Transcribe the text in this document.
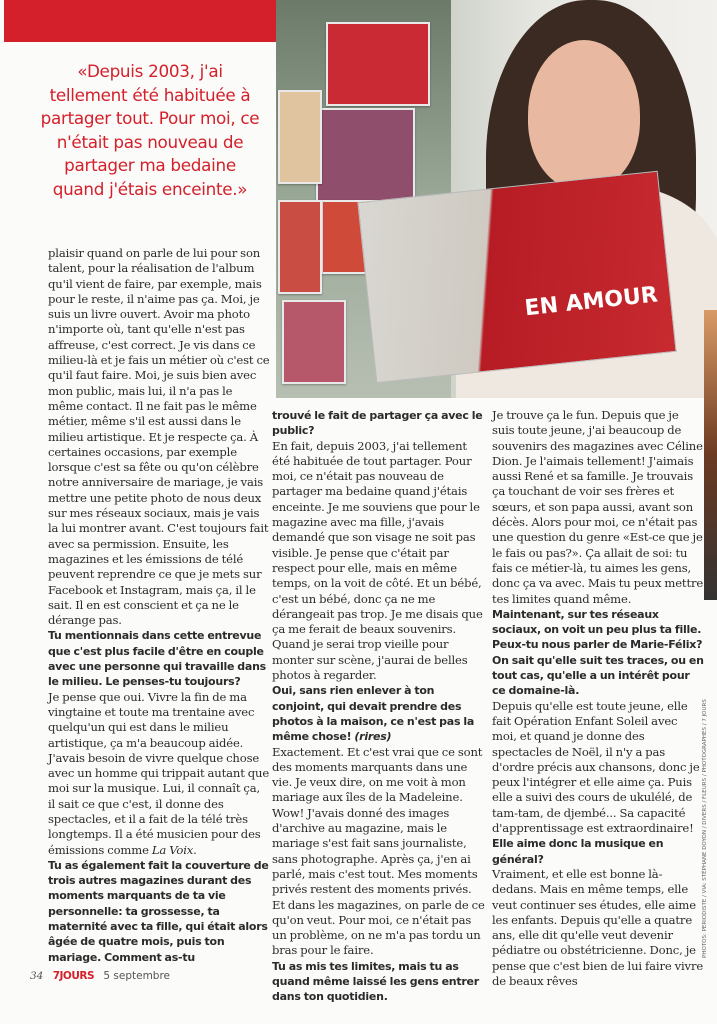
EN AMOUR
«Depuis 2003, j'ai tellement été habituée à partager tout. Pour moi, ce n'était pas nouveau de partager ma bedaine quand j'étais enceinte.»

plaisir quand on parle de lui pour son talent, pour la réalisation de l'album qu'il vient de faire, par exemple, mais pour le reste, il n'aime pas ça. Moi, je suis un livre ouvert. Avoir ma photo n'importe où, tant qu'elle n'est pas affreuse, c'est correct. Je vis dans ce milieu-là et je fais un métier où c'est ce qu'il faut faire. Moi, je suis bien avec mon public, mais lui, il n'a pas le même contact. Il ne fait pas le même métier, même s'il est aussi dans le milieu artistique. Et je respecte ça. À certaines occasions, par exemple lorsque c'est sa fête ou qu'on célèbre notre anniversaire de mariage, je vais mettre une petite photo de nous deux sur mes réseaux sociaux, mais je vais la lui montrer avant. C'est toujours fait avec sa permission. Ensuite, les magazines et les émissions de télé peuvent reprendre ce que je mets sur Facebook et Instagram, mais ça, il le sait. Il en est conscient et ça ne le dérange pas.

Tu mentionnais dans cette entrevue que c'est plus facile d'être en couple avec une personne qui travaille dans le milieu. Le penses-tu toujours?

Je pense que oui. Vivre la fin de ma vingtaine et toute ma trentaine avec quelqu'un qui est dans le milieu artistique, ça m'a beaucoup aidée. J'avais besoin de vivre quelque chose avec un homme qui trippait autant que moi sur la musique. Lui, il connaît ça, il sait ce que c'est, il donne des spectacles, et il a fait de la télé très longtemps. Il a été musicien pour des émissions comme La Voix.

Tu as également fait la couverture de trois autres magazines durant des moments marquants de ta vie personnelle: ta grossesse, ta maternité avec ta fille, qui était alors âgée de quatre mois, puis ton mariage. Comment as-tu

trouvé le fait de partager ça avec le public?

En fait, depuis 2003, j'ai tellement été habituée de tout partager. Pour moi, ce n'était pas nouveau de partager ma bedaine quand j'étais enceinte. Je me souviens que pour le magazine avec ma fille, j'avais demandé que son visage ne soit pas visible. Je pense que c'était par respect pour elle, mais en même temps, on la voit de côté. Et un bébé, c'est un bébé, donc ça ne me dérangeait pas trop. Je me disais que ça me ferait de beaux souvenirs. Quand je serai trop vieille pour monter sur scène, j'aurai de belles photos à regarder.

Oui, sans rien enlever à ton conjoint, qui devait prendre des photos à la maison, ce n'est pas la même chose! (rires)

Exactement. Et c'est vrai que ce sont des moments marquants dans une vie. Je veux dire, on me voit à mon mariage aux îles de la Madeleine. Wow! J'avais donné des images d'archive au magazine, mais le mariage s'est fait sans journaliste, sans photographe. Après ça, j'en ai parlé, mais c'est tout. Mes moments privés restent des moments privés. Et dans les magazines, on parle de ce qu'on veut. Pour moi, ce n'était pas un problème, on ne m'a pas tordu un bras pour le faire.

Tu as mis tes limites, mais tu as quand même laissé les gens entrer dans ton quotidien.

Je trouve ça le fun. Depuis que je suis toute jeune, j'ai beaucoup de souvenirs des magazines avec Céline Dion. Je l'aimais tellement! J'aimais aussi René et sa famille. Je trouvais ça touchant de voir ses frères et sœurs, et son papa aussi, avant son décès. Alors pour moi, ce n'était pas une question du genre «Est-ce que je le fais ou pas?». Ça allait de soi: tu fais ce métier-là, tu aimes les gens, donc ça va avec. Mais tu peux mettre tes limites quand même.

Maintenant, sur tes réseaux sociaux, on voit un peu plus ta fille. Peux-tu nous parler de Marie-Félix? On sait qu'elle suit tes traces, ou en tout cas, qu'elle a un intérêt pour ce domaine-là.

Depuis qu'elle est toute jeune, elle fait Opération Enfant Soleil avec moi, et quand je donne des spectacles de Noël, il n'y a pas d'ordre précis aux chansons, donc je peux l'intégrer et elle aime ça. Puis elle a suivi des cours de ukulélé, de tam-tam, de djembé... Sa capacité d'apprentissage est extraordinaire!

Elle aime donc la musique en général?

Vraiment, et elle est bonne là-dedans. Mais en même temps, elle veut continuer ses études, elle aime les enfants. Depuis qu'elle a quatre ans, elle dit qu'elle veut devenir pédiatre ou obstétricienne. Donc, je pense que c'est bien de lui faire vivre de beaux rêves

PHOTOS: PERIODISTE / VIA: STÉPHANE DOYON / DIVERS / FLEURS / PHOTOGRAPHES / 7 JOURS
34 7JOURS 5 septembre
